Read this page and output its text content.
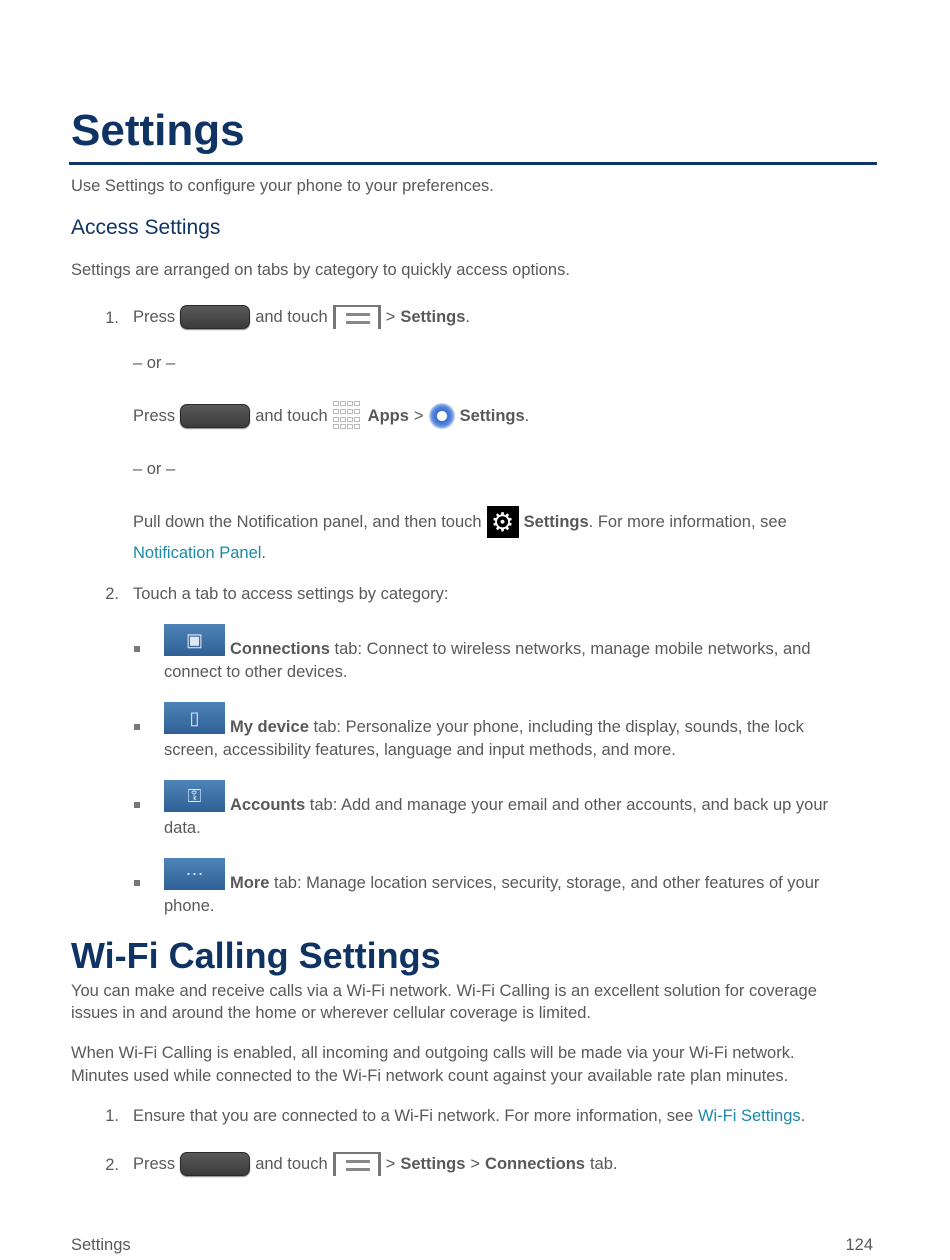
Settings
Use Settings to configure your phone to your preferences.
Access Settings
Settings are arranged on tabs by category to quickly access options.
1. Press	and touch	> Settings .
– or –
Press	and touch Apps > Settings .
– or –
Pull down the Notification panel, and then touch ⚙ Settings . For more information, see
Notification Panel.
2. Touch a tab to access settings by category:
▣	Connections tab: Connect to wireless networks, manage mobile networks, and
connect to other devices.
▯	My device tab: Personalize your phone, including the display, sounds, the lock
screen, accessibility features, language and input methods, and more.
⚿	Accounts tab: Add and manage your email and other accounts, and back up your
data.
⋯	More tab: Manage location services, security, storage, and other features of your
phone.
Wi-Fi Calling Settings
You can make and receive calls via a Wi-Fi network. Wi-Fi Calling is an excellent solution for coverage
issues in and around the home or wherever cellular coverage is limited.
When Wi-Fi Calling is enabled, all incoming and outgoing calls will be made via your Wi-Fi network.
Minutes used while connected to the Wi-Fi network count against your available rate plan minutes.
1. Ensure that you are connected to a Wi-Fi network. For more information, see Wi-Fi Settings.
2. Press	and touch	> Settings > Connections tab.
Settings	124
